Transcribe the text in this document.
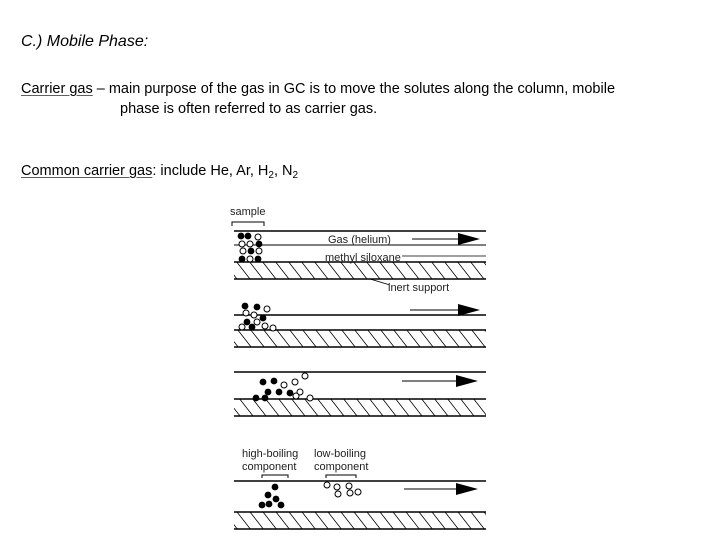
C.) Mobile Phase:
Carrier gas – main purpose of the gas in GC is to move the solutes along the column, mobile
phase is often referred to as carrier gas.
Common carrier gas: include He, Ar, $H_2$, $N_2$
sample
Gas (helium)
methyl siloxane
inert support
high-boiling
component
low-boiling
component
